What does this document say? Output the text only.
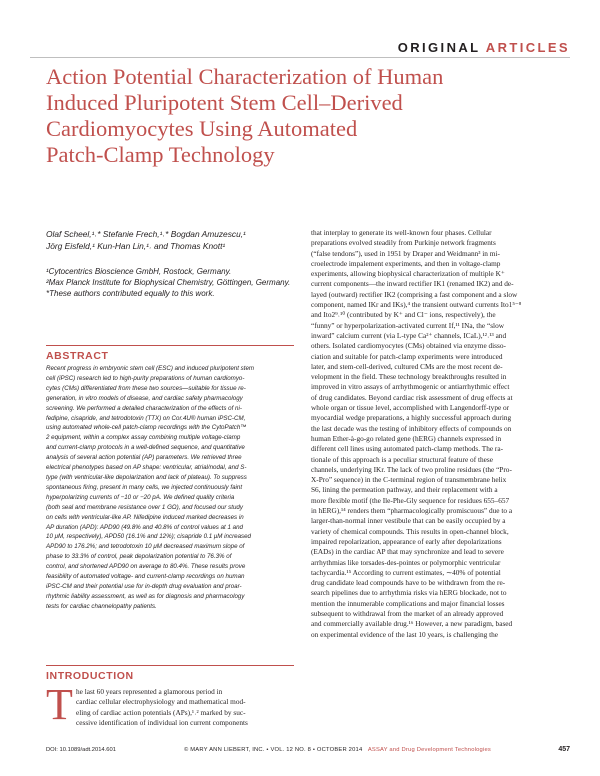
ORIGINAL ARTICLES
Action Potential Characterization of Human
Induced Pluripotent Stem Cell–Derived
Cardiomyocytes Using Automated
Patch-Clamp Technology
Olaf Scheel,¹˒* Stefanie Frech,¹˒* Bogdan Amuzescu,¹
Jörg Eisfeld,¹ Kun-Han Lin,¹˒ and Thomas Knott¹
¹Cytocentrics Bioscience GmbH, Rostock, Germany.
²Max Planck Institute for Biophysical Chemistry, Göttingen, Germany.
*These authors contributed equally to this work.
ABSTRACT

Recent progress in embryonic stem cell (ESC) and induced pluripotent stem
cell (iPSC) research led to high-purity preparations of human cardiomyo-
cytes (CMs) differentiated from these two sources—suitable for tissue re-
generation, in vitro models of disease, and cardiac safety pharmacology
screening. We performed a detailed characterization of the effects of ni-
fedipine, cisapride, and tetrodotoxin (TTX) on Cor.4U® human iPSC-CM,
using automated whole-cell patch-clamp recordings with the CytoPatch™
2 equipment, within a complex assay combining multiple voltage-clamp
and current-clamp protocols in a well-defined sequence, and quantitative
analysis of several action potential (AP) parameters. We retrieved three
electrical phenotypes based on AP shape: ventricular, atrial/nodal, and S-
type (with ventricular-like depolarization and lack of plateau). To suppress
spontaneous firing, present in many cells, we injected continuously faint
hyperpolarizing currents of −10 or −20 pA. We defined quality criteria
(both seal and membrane resistance over 1 GΩ), and focused our study
on cells with ventricular-like AP. Nifedipine induced marked decreases in
AP duration (APD): APD90 (49.8% and 40.8% of control values at 1 and
10 μM, respectively), APD50 (16.1% and 12%); cisapride 0.1 μM increased
APD90 to 176.2%; and tetrodotoxin 10 μM decreased maximum slope of
phase to 33.3% of control, peak depolarization potential to 76.3% of
control, and shortened APD90 on average to 80.4%. These results prove
feasibility of automated voltage- and current-clamp recordings on human
iPSC-CM and their potential use for in-depth drug evaluation and proar-
rhythmic liability assessment, as well as for diagnosis and pharmacology
tests for cardiac channelopathy patients.

INTRODUCTION
T he last 60 years represented a glamorous period in
cardiac cellular electrophysiology and mathematical mod-
eling of cardiac action potentials (APs),¹˒² marked by suc-
cessive identification of individual ion current components

that interplay to generate its well-known four phases. Cellular
preparations evolved steadily from Purkinje network fragments
(“false tendons”), used in 1951 by Draper and Weidmann³ in mi-
croelectrode impalement experiments, and then in voltage-clamp
experiments, allowing biophysical characterization of multiple K⁺
current components—the inward rectifier IK1 (renamed IK2) and de-
layed (outward) rectifier IK2 (comprising a fast component and a slow
component, named IKr and IKs),⁴ the transient outward currents Ito1⁵⁻⁸
and Ito2⁹˒¹⁰ (contributed by K⁺ and Cl⁻ ions, respectively), the
“funny” or hyperpolarization-activated current If,¹¹ INa, the “slow
inward” calcium current (via L-type Ca²⁺ channels, ICaL),¹²˒¹³ and
others. Isolated cardiomyocytes (CMs) obtained via enzyme disso-
ciation and suitable for patch-clamp experiments were introduced
later, and stem-cell-derived, cultured CMs are the most recent de-
velopment in the field. These technology breakthroughs resulted in
improved in vitro assays of arrhythmogenic or antiarrhythmic effect
of drug candidates. Beyond cardiac risk assessment of drug effects at
whole organ or tissue level, accomplished with Langendorff-type or
myocardial wedge preparations, a highly successful approach during
the last decade was the testing of inhibitory effects of compounds on
human Ether-à-go-go related gene (hERG) channels expressed in
different cell lines using automated patch-clamp methods. The ra-
tionale of this approach is a peculiar structural feature of these
channels, underlying IKr. The lack of two proline residues (the “Pro-
X-Pro” sequence) in the C-terminal region of transmembrane helix
S6, lining the permeation pathway, and their replacement with a
more flexible motif (the Ile-Phe-Gly sequence for residues 655–657
in hERG),¹⁴ renders them “pharmacologically promiscuous” due to a
larger-than-normal inner vestibule that can be easily occupied by a
variety of chemical compounds. This results in open-channel block,
impaired repolarization, appearance of early after depolarizations
(EADs) in the cardiac AP that may synchronize and lead to severe
arrhythmias like torsades-des-pointes or polymorphic ventricular
tachycardia.¹⁵ According to current estimates, ∼40% of potential
drug candidate lead compounds have to be withdrawn from the re-
search pipelines due to arrhythmia risks via hERG blockade, not to
mention the innumerable complications and major financial losses
subsequent to withdrawal from the market of an already approved
and commercially available drug.¹⁶ However, a new paradigm, based
on experimental evidence of the last 10 years, is challenging the

DOI: 10.1089/adt.2014.601	© MARY ANN LIEBERT, INC. • VOL. 12 NO. 8 • OCTOBER 2014 ASSAY and Drug Development Technologies	457
